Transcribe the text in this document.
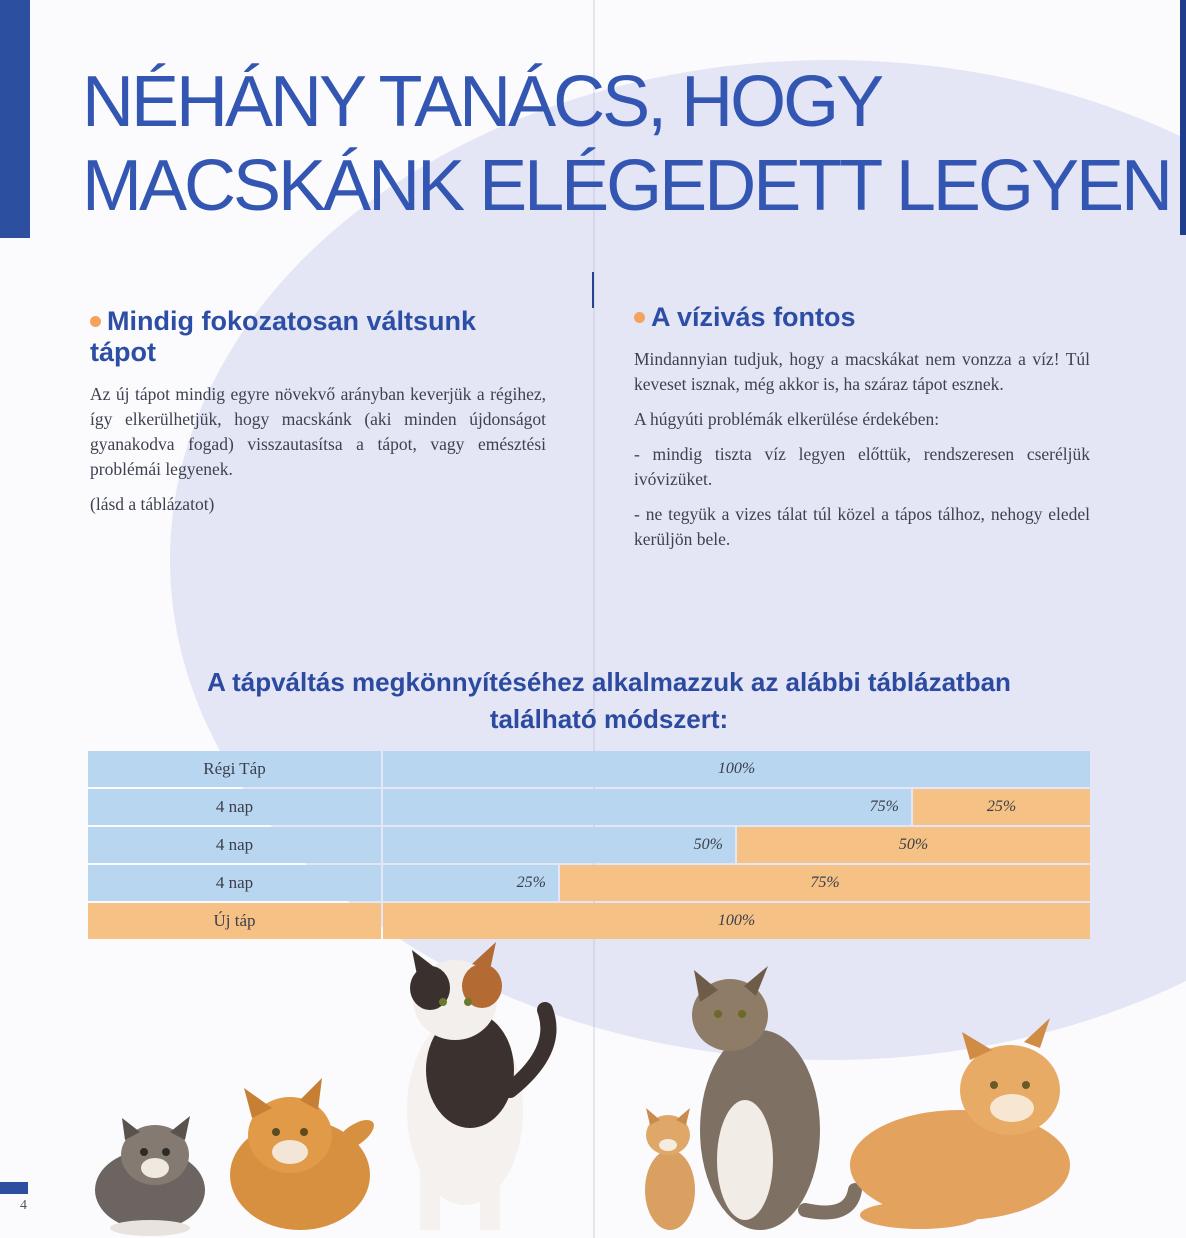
NÉHÁNY TANÁCS, HOGY
MACSKÁNK ELÉGEDETT LEGYEN
Mindig fokozatosan váltsunk
tápot

Az új tápot mindig egyre növekvő arányban keverjük a régihez, így elkerülhetjük, hogy macskánk (aki minden újdonságot gyanakodva fogad) visszautasítsa a tápot, vagy emésztési problémái legyenek.

(lásd a táblázatot)

A vízivás fontos

Mindannyian tudjuk, hogy a macskákat nem vonzza a víz! Túl keveset isznak, még akkor is, ha száraz tápot esznek.

A húgyúti problémák elkerülése érdekében:

- mindig tiszta víz legyen előttük, rendszeresen cseréljük ivóvizüket.

- ne tegyük a vizes tálat túl közel a tápos tálhoz, nehogy eledel kerüljön bele.

A tápváltás megkönnyítéséhez alkalmazzuk az alábbi táblázatban
található módszert:
Régi Táp	100%
4 nap	75%	25%
4 nap	50%	50%
4 nap	25%	75%
Új táp	100%
4
